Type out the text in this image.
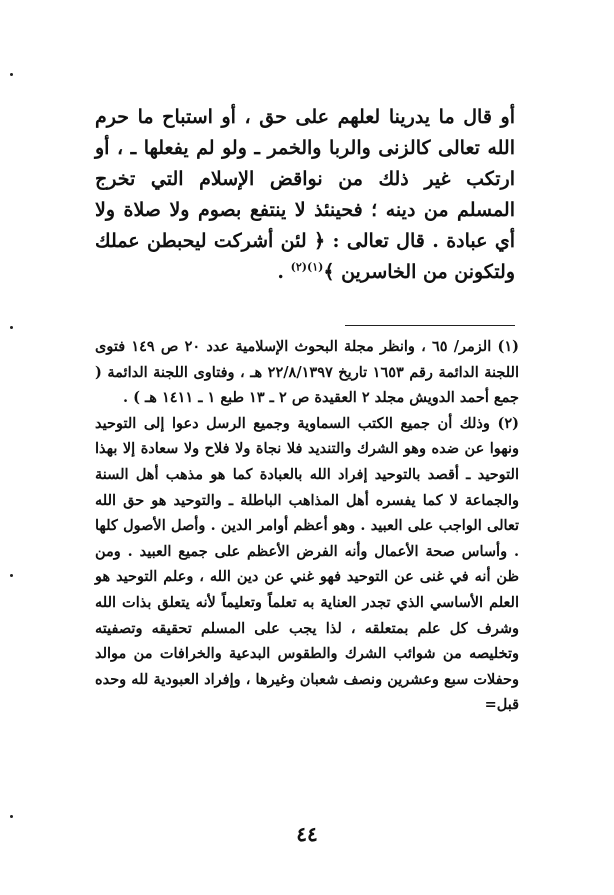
أو قال ما يدرينا لعلهم على حق ، أو استباح ما حرم الله تعالى كالزنى والربا والخمر ـ ولو لم يفعلها ـ ، أو ارتكب غير ذلك من نواقض الإسلام التي تخرج المسلم من دينه ؛ فحينئذ لا ينتفع بصوم ولا صلاة ولا أي عبادة . قال تعالى : ﴿ لئن أشركت ليحبطن عملك ولتكونن من الخاسرين ﴾$^{(١)(٢)}$ .

(١) الزمر/ ٦٥ ، وانظر مجلة البحوث الإسلامية عدد ٢٠ ص ١٤٩ فتوى اللجنة الدائمة رقم ١٦٥٣ تاريخ ٢٢/٨/١٣٩٧ هـ ، وفتاوى اللجنة الدائمة ( جمع أحمد الدويش مجلد ٢ العقيدة ص ٢ ـ ١٣ طبع ١ ـ ١٤١١ هـ ) .

(٢) وذلك أن جميع الكتب السماوية وجميع الرسل دعوا إلى التوحيد ونهوا عن ضده وهو الشرك والتنديد فلا نجاة ولا فلاح ولا سعادة إلا بهذا التوحيد ـ أقصد بالتوحيد إفراد الله بالعبادة كما هو مذهب أهل السنة والجماعة لا كما يفسره أهل المذاهب الباطلة ـ والتوحيد هو حق الله تعالى الواجب على العبيد . وهو أعظم أوامر الدين . وأصل الأصول كلها . وأساس صحة الأعمال وأنه الفرض الأعظم على جميع العبيد . ومن ظن أنه في غنى عن التوحيد فهو غني عن دين الله ، وعلم التوحيد هو العلم الأساسي الذي تجدر العناية به تعلماً وتعليماً لأنه يتعلق بذات الله وشرف كل علم بمتعلقه ، لذا يجب على المسلم تحقيقه وتصفيته وتخليصه من شوائب الشرك والطقوس البدعية والخرافات من موالد وحفلات سبع وعشرين ونصف شعبان وغيرها ، وإفراد العبودية لله وحده قبل=

٤٤
